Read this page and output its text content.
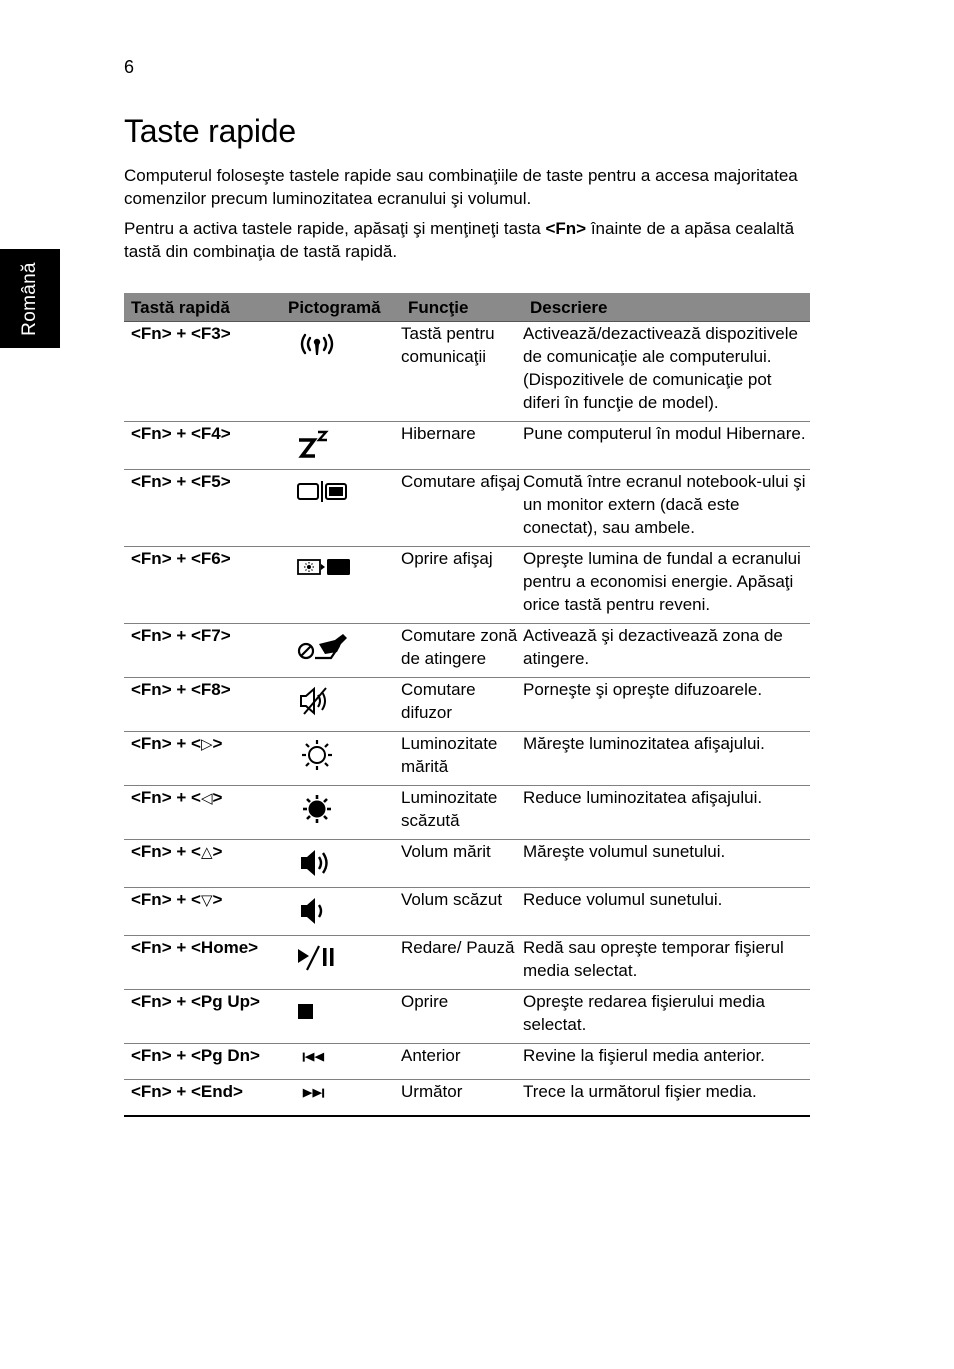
6
Română
Taste rapide

Computerul foloseşte tastele rapide sau combinaţiile de taste pentru a accesa majoritatea comenzilor precum luminozitatea ecranului şi volumul.

Pentru a activa tastele rapide, apăsaţi şi menţineţi tasta <Fn> înainte de a apăsa cealaltă tastă din combinaţia de tastă rapidă.

Tastă rapidă	Pictogramă	Funcţie	Descriere
<Fn> + <F3>		Tastă pentru comunicaţii	Activează/dezactivează dispozitivele de comunicaţie ale computerului. (Dispozitivele de comunicaţie pot diferi în funcţie de model).
<Fn> + <F4>		Hibernare	Pune computerul în modul Hibernare.
<Fn> + <F5>		Comutare afişaj	Comută între ecranul notebook-ului şi un monitor extern (dacă este conectat), sau ambele.
<Fn> + <F6>		Oprire afişaj	Opreşte lumina de fundal a ecranului pentru a economisi energie. Apăsaţi orice tastă pentru reveni.
<Fn> + <F7>		Comutare zonă de atingere	Activează şi dezactivează zona de atingere.
<Fn> + <F8>		Comutare difuzor	Porneşte şi opreşte difuzoarele.
<Fn> + <▷>		Luminozitate mărită	Măreşte luminozitatea afişajului.
<Fn> + <◁>		Luminozitate scăzută	Reduce luminozitatea afişajului.
<Fn> + <△>		Volum mărit	Măreşte volumul sunetului.
<Fn> + <▽>		Volum scăzut	Reduce volumul sunetului.
<Fn> + <Home>		Redare/ Pauză	Redă sau opreşte temporar fişierul media selectat.
<Fn> + <Pg Up>		Oprire	Opreşte redarea fişierului media selectat.
<Fn> + <Pg Dn>		Anterior	Revine la fişierul media anterior.
<Fn> + <End>		Următor	Trece la următorul fişier media.
